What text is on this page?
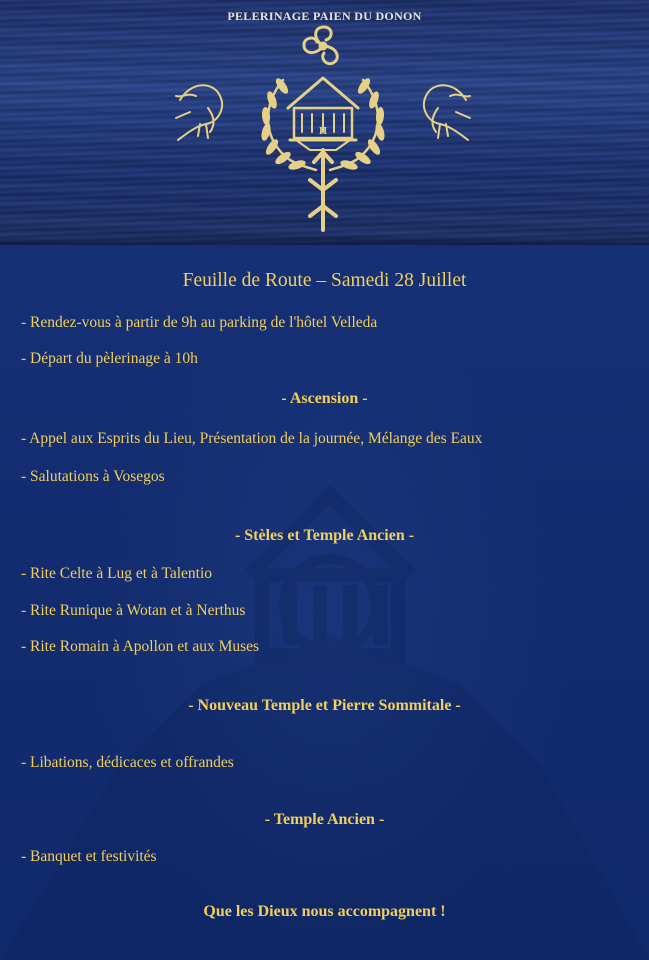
PELERINAGE PAIEN DU DONON
II
Feuille de Route – Samedi 28 Juillet
- Rendez-vous à partir de 9h au parking de l'hôtel Velleda
- Départ du pèlerinage à 10h
- Ascension -
- Appel aux Esprits du Lieu, Présentation de la journée, Mélange des Eaux
- Salutations à Vosegos
- Stèles et Temple Ancien -
- Rite Celte à Lug et à Talentio
- Rite Runique à Wotan et à Nerthus
- Rite Romain à Apollon et aux Muses
- Nouveau Temple et Pierre Sommitale -
- Libations, dédicaces et offrandes
- Temple Ancien -
- Banquet et festivités
Que les Dieux nous accompagnent !
